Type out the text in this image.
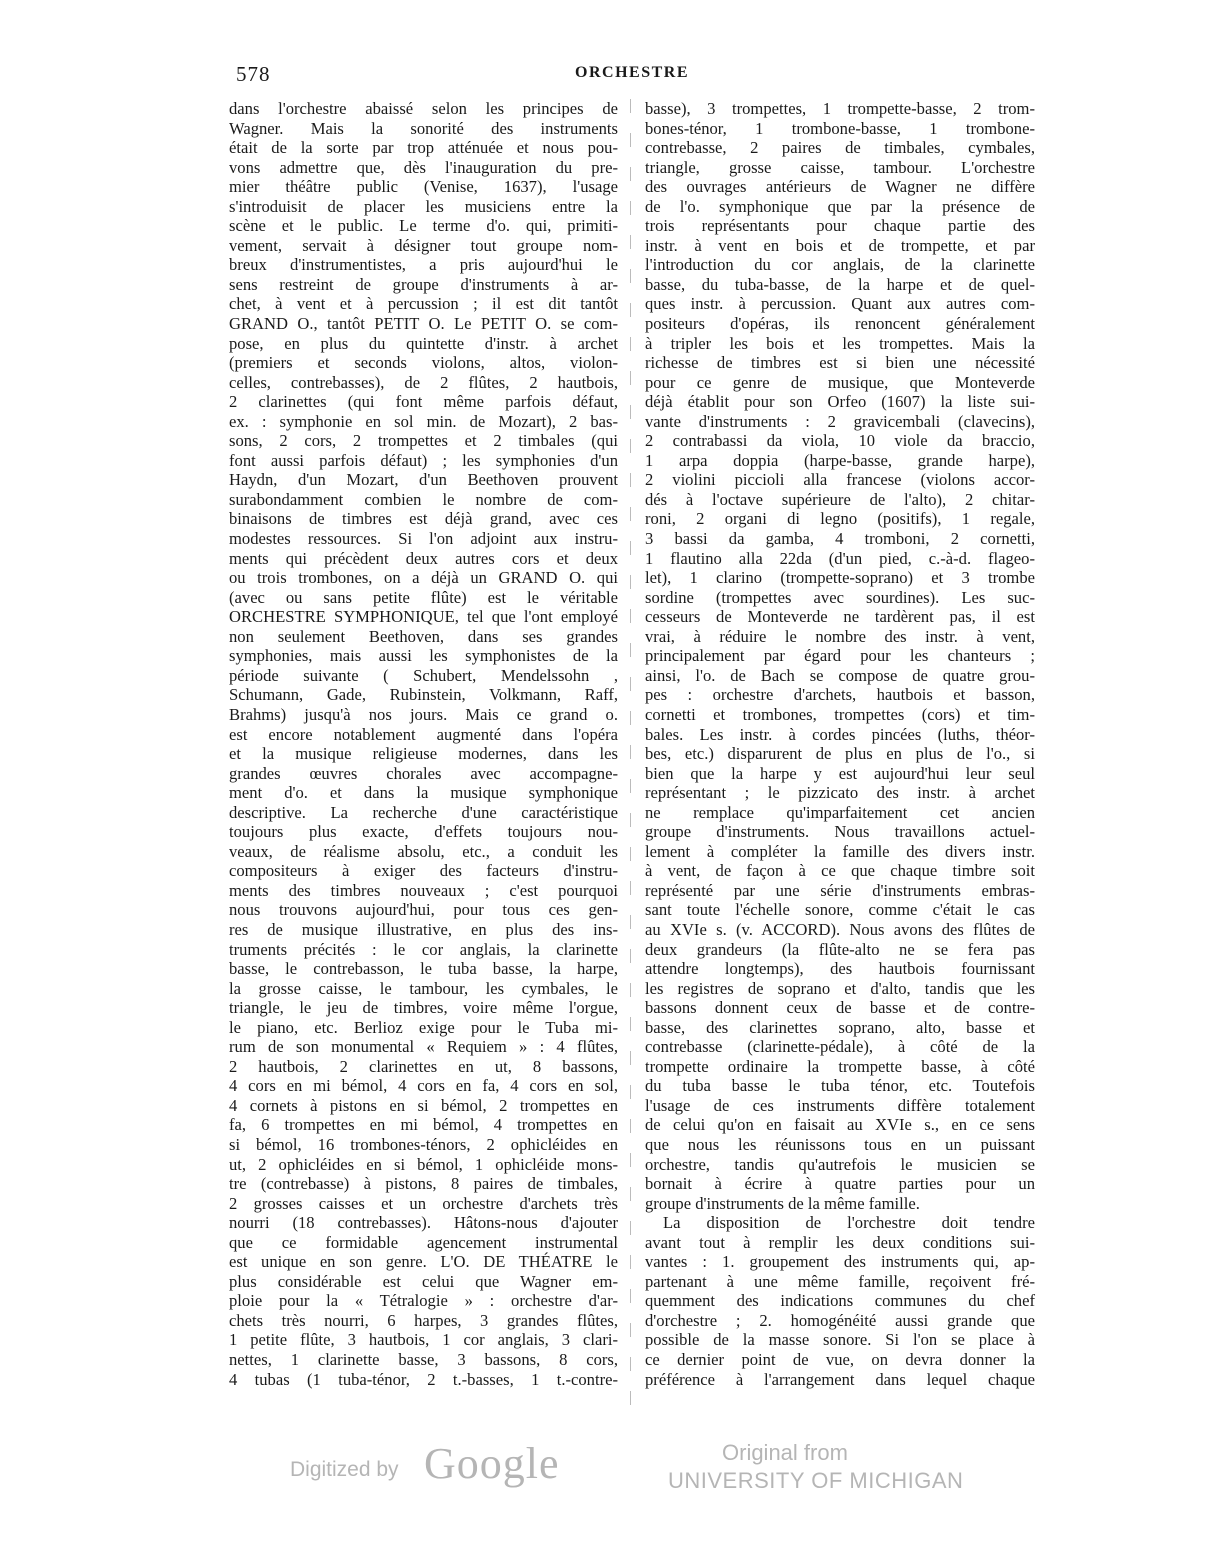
578	ORCHESTRE
dans l'orchestre abaissé selon les principes de
Wagner. Mais la sonorité des instruments
était de la sorte par trop atténuée et nous pou-
vons admettre que, dès l'inauguration du pre-
mier théâtre public (Venise, 1637), l'usage
s'introduisit de placer les musiciens entre la
scène et le public. Le terme d'o. qui, primiti-
vement, servait à désigner tout groupe nom-
breux d'instrumentistes, a pris aujourd'hui le
sens restreint de groupe d'instruments à ar-
chet, à vent et à percussion ; il est dit tantôt
GRAND O., tantôt PETIT O. Le PETIT O. se com-
pose, en plus du quintette d'instr. à archet
(premiers et seconds violons, altos, violon-
celles, contrebasses), de 2 flûtes, 2 hautbois,
2 clarinettes (qui font même parfois défaut,
ex. : symphonie en sol min. de Mozart), 2 bas-
sons, 2 cors, 2 trompettes et 2 timbales (qui
font aussi parfois défaut) ; les symphonies d'un
Haydn, d'un Mozart, d'un Beethoven prouvent
surabondamment combien le nombre de com-
binaisons de timbres est déjà grand, avec ces
modestes ressources. Si l'on adjoint aux instru-
ments qui précèdent deux autres cors et deux
ou trois trombones, on a déjà un GRAND O. qui
(avec ou sans petite flûte) est le véritable
ORCHESTRE SYMPHONIQUE, tel que l'ont employé
non seulement Beethoven, dans ses grandes
symphonies, mais aussi les symphonistes de la
période suivante ( Schubert, Mendelssohn ,
Schumann, Gade, Rubinstein, Volkmann, Raff,
Brahms) jusqu'à nos jours. Mais ce grand o.
est encore notablement augmenté dans l'opéra
et la musique religieuse modernes, dans les
grandes œuvres chorales avec accompagne-
ment d'o. et dans la musique symphonique
descriptive. La recherche d'une caractéristique
toujours plus exacte, d'effets toujours nou-
veaux, de réalisme absolu, etc., a conduit les
compositeurs à exiger des facteurs d'instru-
ments des timbres nouveaux ; c'est pourquoi
nous trouvons aujourd'hui, pour tous ces gen-
res de musique illustrative, en plus des ins-
truments précités : le cor anglais, la clarinette
basse, le contrebasson, le tuba basse, la harpe,
la grosse caisse, le tambour, les cymbales, le
triangle, le jeu de timbres, voire même l'orgue,
le piano, etc. Berlioz exige pour le Tuba mi-
rum de son monumental « Requiem » : 4 flûtes,
2 hautbois, 2 clarinettes en ut, 8 bassons,
4 cors en mi bémol, 4 cors en fa, 4 cors en sol,
4 cornets à pistons en si bémol, 2 trompettes en
fa, 6 trompettes en mi bémol, 4 trompettes en
si bémol, 16 trombones-ténors, 2 ophicléides en
ut, 2 ophicléides en si bémol, 1 ophicléide mons-
tre (contrebasse) à pistons, 8 paires de timbales,
2 grosses caisses et un orchestre d'archets très
nourri (18 contrebasses). Hâtons-nous d'ajouter
que ce formidable agencement instrumental
est unique en son genre. L'O. DE THÉATRE le
plus considérable est celui que Wagner em-
ploie pour la « Tétralogie » : orchestre d'ar-
chets très nourri, 6 harpes, 3 grandes flûtes,
1 petite flûte, 3 hautbois, 1 cor anglais, 3 clari-
nettes, 1 clarinette basse, 3 bassons, 8 cors,
4 tubas (1 tuba-ténor, 2 t.-basses, 1 t.-contre-
basse), 3 trompettes, 1 trompette-basse, 2 trom-
bones-ténor, 1 trombone-basse, 1 trombone-
contrebasse, 2 paires de timbales, cymbales,
triangle, grosse caisse, tambour. L'orchestre
des ouvrages antérieurs de Wagner ne diffère
de l'o. symphonique que par la présence de
trois représentants pour chaque partie des
instr. à vent en bois et de trompette, et par
l'introduction du cor anglais, de la clarinette
basse, du tuba-basse, de la harpe et de quel-
ques instr. à percussion. Quant aux autres com-
positeurs d'opéras, ils renoncent généralement
à tripler les bois et les trompettes. Mais la
richesse de timbres est si bien une nécessité
pour ce genre de musique, que Monteverde
déjà établit pour son Orfeo (1607) la liste sui-
vante d'instruments : 2 gravicembali (clavecins),
2 contrabassi da viola, 10 viole da braccio,
1 arpa doppia (harpe-basse, grande harpe),
2 violini piccioli alla francese (violons accor-
dés à l'octave supérieure de l'alto), 2 chitar-
roni, 2 organi di legno (positifs), 1 regale,
3 bassi da gamba, 4 tromboni, 2 cornetti,
1 flautino alla 22da (d'un pied, c.-à-d. flageo-
let), 1 clarino (trompette-soprano) et 3 trombe
sordine (trompettes avec sourdines). Les suc-
cesseurs de Monteverde ne tardèrent pas, il est
vrai, à réduire le nombre des instr. à vent,
principalement par égard pour les chanteurs ;
ainsi, l'o. de Bach se compose de quatre grou-
pes : orchestre d'archets, hautbois et basson,
cornetti et trombones, trompettes (cors) et tim-
bales. Les instr. à cordes pincées (luths, théor-
bes, etc.) disparurent de plus en plus de l'o., si
bien que la harpe y est aujourd'hui leur seul
représentant ; le pizzicato des instr. à archet
ne remplace qu'imparfaitement cet ancien
groupe d'instruments. Nous travaillons actuel-
lement à compléter la famille des divers instr.
à vent, de façon à ce que chaque timbre soit
représenté par une série d'instruments embras-
sant toute l'échelle sonore, comme c'était le cas
au XVIe s. (v. ACCORD). Nous avons des flûtes de
deux grandeurs (la flûte-alto ne se fera pas
attendre longtemps), des hautbois fournissant
les registres de soprano et d'alto, tandis que les
bassons donnent ceux de basse et de contre-
basse, des clarinettes soprano, alto, basse et
contrebasse (clarinette-pédale), à côté de la
trompette ordinaire la trompette basse, à côté
du tuba basse le tuba ténor, etc. Toutefois
l'usage de ces instruments diffère totalement
de celui qu'on en faisait au XVIe s., en ce sens
que nous les réunissons tous en un puissant
orchestre, tandis qu'autrefois le musicien se
bornait à écrire à quatre parties pour un
groupe d'instruments de la même famille.
La disposition de l'orchestre doit tendre
avant tout à remplir les deux conditions sui-
vantes : 1. groupement des instruments qui, ap-
partenant à une même famille, reçoivent fré-
quemment des indications communes du chef
d'orchestre ; 2. homogénéité aussi grande que
possible de la masse sonore. Si l'on se place à
ce dernier point de vue, on devra donner la
préférence à l'arrangement dans lequel chaque
Digitized by Google	Original from
UNIVERSITY OF MICHIGAN
